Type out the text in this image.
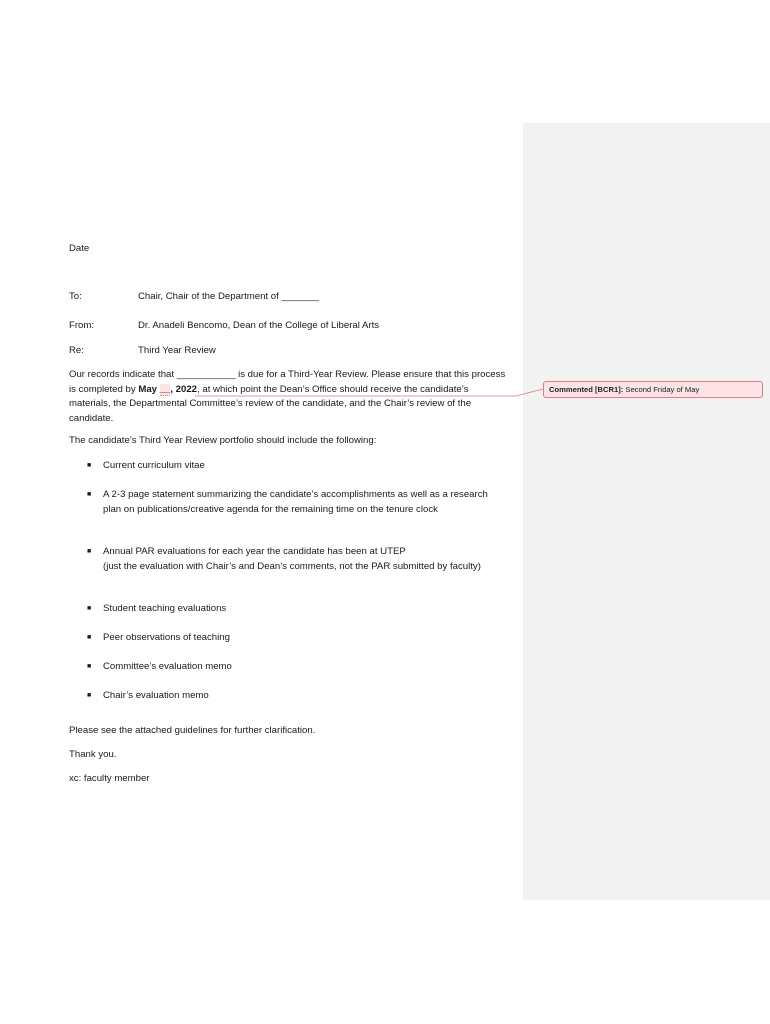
Commented [BCR1]: Second Friday of May
Date
To:	Chair, Chair of the Department of _______
From:	Dr. Anadeli Bencomo, Dean of the College of Liberal Arts
Re:	Third Year Review
Our records indicate that ___________ is due for a Third-Year Review. Please ensure that this process is completed by May __, 2022, at which point the Dean’s Office should receive the candidate’s materials, the Departmental Committee’s review of the candidate, and the Chair’s review of the candidate.
The candidate’s Third Year Review portfolio should include the following:
■ Current curriculum vitae
■ A 2-3 page statement summarizing the candidate’s accomplishments as well as a research plan on publications/creative agenda for the remaining time on the tenure clock
■ Annual PAR evaluations for each year the candidate has been at UTEP
(just the evaluation with Chair’s and Dean’s comments, not the PAR submitted by faculty)
■ Student teaching evaluations
■ Peer observations of teaching
■ Committee’s evaluation memo
■ Chair’s evaluation memo
Please see the attached guidelines for further clarification.
Thank you.
xc: faculty member
